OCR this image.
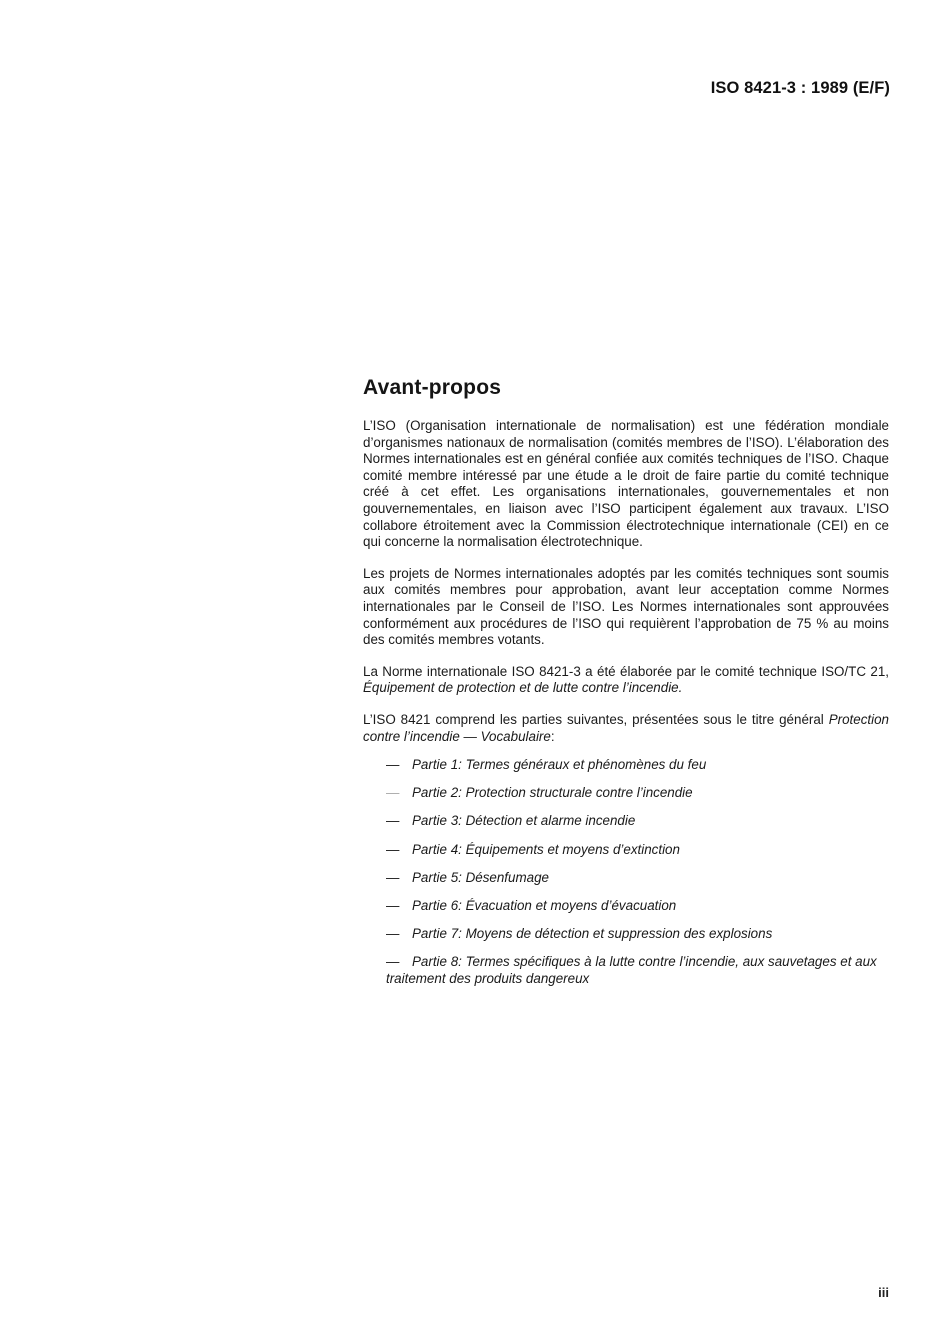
ISO 8421-3 : 1989 (E/F)
Avant-propos

L’ISO (Organisation internationale de normalisation) est une fédération mondiale d’organismes nationaux de normalisation (comités membres de l’ISO). L’élaboration des Normes internationales est en général confiée aux comités techniques de l’ISO. Chaque comité membre intéressé par une étude a le droit de faire partie du comité technique créé à cet effet. Les organisations internationales, gouvernementales et non gouvernementales, en liaison avec l’ISO participent également aux travaux. L’ISO collabore étroitement avec la Commission électrotechnique internationale (CEI) en ce qui concerne la normalisation électrotechnique.

Les projets de Normes internationales adoptés par les comités techniques sont soumis aux comités membres pour approbation, avant leur acceptation comme Normes internationales par le Conseil de l’ISO. Les Normes internationales sont approuvées conformément aux procédures de l’ISO qui requièrent l’approbation de 75 % au moins des comités membres votants.

La Norme internationale ISO 8421-3 a été élaborée par le comité technique ISO/TC 21, Équipement de protection et de lutte contre l’incendie.

L’ISO 8421 comprend les parties suivantes, présentées sous le titre général Protection contre l’incendie — Vocabulaire:

— Partie 1: Termes généraux et phénomènes du feu
— Partie 2: Protection structurale contre l’incendie
— Partie 3: Détection et alarme incendie
— Partie 4: Équipements et moyens d’extinction
— Partie 5: Désenfumage
— Partie 6: Évacuation et moyens d’évacuation
— Partie 7: Moyens de détection et suppression des explosions
— Partie 8: Termes spécifiques à la lutte contre l’incendie, aux sauvetages et aux traitement des produits dangereux
iii
